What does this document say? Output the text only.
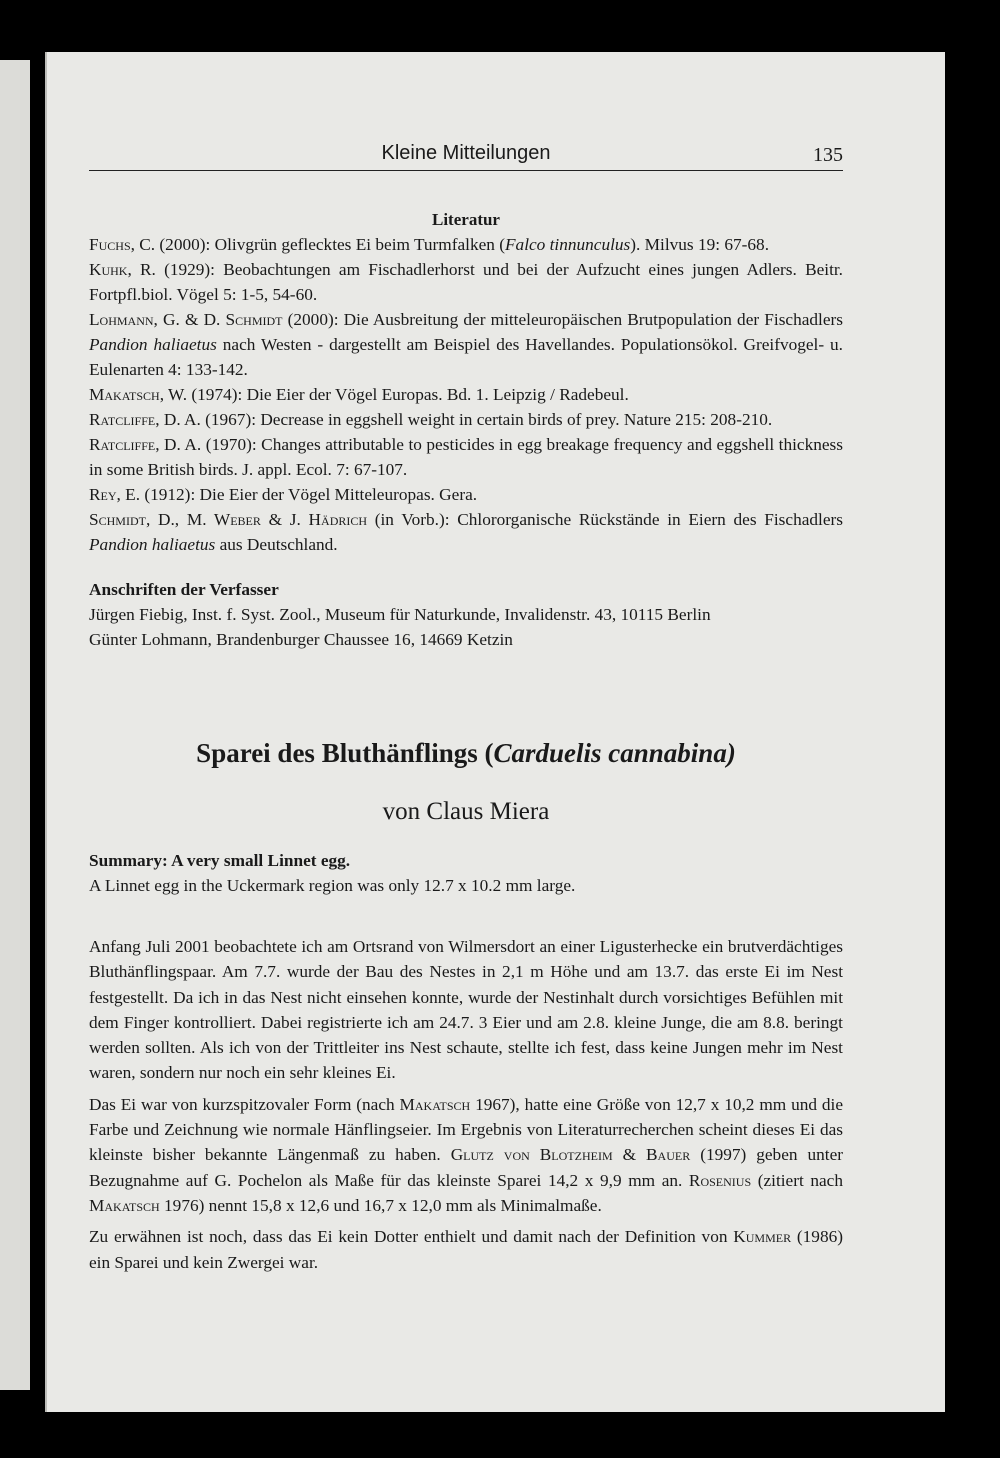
Kleine Mitteilungen	135
Literatur
Fuchs, C. (2000): Olivgrün geflecktes Ei beim Turmfalken (Falco tinnunculus). Milvus 19: 67-68.
Kuhk, R. (1929): Beobachtungen am Fischadlerhorst und bei der Aufzucht eines jungen Adlers. Beitr. Fortpfl.biol. Vögel 5: 1-5, 54-60.
Lohmann, G. & D. Schmidt (2000): Die Ausbreitung der mitteleuropäischen Brutpopulation der Fischadlers Pandion haliaetus nach Westen - dargestellt am Beispiel des Havellandes. Populationsökol. Greifvogel- u. Eulenarten 4: 133-142.
Makatsch, W. (1974): Die Eier der Vögel Europas. Bd. 1. Leipzig / Radebeul.
Ratcliffe, D. A. (1967): Decrease in eggshell weight in certain birds of prey. Nature 215: 208-210.
Ratcliffe, D. A. (1970): Changes attributable to pesticides in egg breakage frequency and eggshell thickness in some British birds. J. appl. Ecol. 7: 67-107.
Rey, E. (1912): Die Eier der Vögel Mitteleuropas. Gera.
Schmidt, D., M. Weber & J. Hädrich (in Vorb.): Chlororganische Rückstände in Eiern des Fischadlers Pandion haliaetus aus Deutschland.
Anschriften der Verfasser
Jürgen Fiebig, Inst. f. Syst. Zool., Museum für Naturkunde, Invalidenstr. 43, 10115 Berlin
Günter Lohmann, Brandenburger Chaussee 16, 14669 Ketzin
Sparei des Bluthänflings (Carduelis cannabina)
von Claus Miera
Summary: A very small Linnet egg.
A Linnet egg in the Uckermark region was only 12.7 x 10.2 mm large.

Anfang Juli 2001 beobachtete ich am Ortsrand von Wilmersdort an einer Ligusterhecke ein brutverdächtiges Bluthänflingspaar. Am 7.7. wurde der Bau des Nestes in 2,1 m Höhe und am 13.7. das erste Ei im Nest festgestellt. Da ich in das Nest nicht einsehen konnte, wurde der Nestinhalt durch vorsichtiges Befühlen mit dem Finger kontrolliert. Dabei registrierte ich am 24.7. 3 Eier und am 2.8. kleine Junge, die am 8.8. beringt werden sollten. Als ich von der Trittleiter ins Nest schaute, stellte ich fest, dass keine Jungen mehr im Nest waren, sondern nur noch ein sehr kleines Ei.

Das Ei war von kurzspitzovaler Form (nach Makatsch 1967), hatte eine Größe von 12,7 x 10,2 mm und die Farbe und Zeichnung wie normale Hänflingseier. Im Ergebnis von Literaturrecherchen scheint dieses Ei das kleinste bisher bekannte Längenmaß zu haben. Glutz von Blotzheim & Bauer (1997) geben unter Bezugnahme auf G. Pochelon als Maße für das kleinste Sparei 14,2 x 9,9 mm an. Rosenius (zitiert nach Makatsch 1976) nennt 15,8 x 12,6 und 16,7 x 12,0 mm als Minimalmaße.

Zu erwähnen ist noch, dass das Ei kein Dotter enthielt und damit nach der Definition von Kummer (1986) ein Sparei und kein Zwergei war.
